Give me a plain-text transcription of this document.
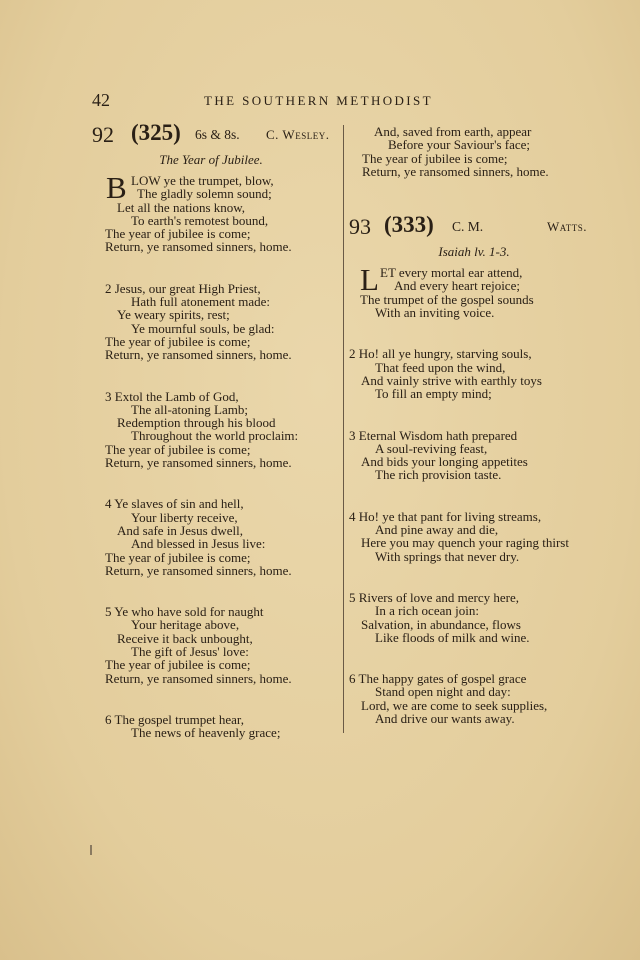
42	THE SOUTHERN METHODIST
92 (325) 6s & 8s. C. Wesley.
The Year of Jubilee.
B LOW ye the trumpet, blow,
The gladly solemn sound;
Let all the nations know,
To earth's remotest bound,
The year of jubilee is come;
Return, ye ransomed sinners, home.
2 Jesus, our great High Priest,
Hath full atonement made:
Ye weary spirits, rest;
Ye mournful souls, be glad:
The year of jubilee is come;
Return, ye ransomed sinners, home.
3 Extol the Lamb of God,
The all-atoning Lamb;
Redemption through his blood
Throughout the world proclaim:
The year of jubilee is come;
Return, ye ransomed sinners, home.
4 Ye slaves of sin and hell,
Your liberty receive,
And safe in Jesus dwell,
And blessed in Jesus live:
The year of jubilee is come;
Return, ye ransomed sinners, home.
5 Ye who have sold for naught
Your heritage above,
Receive it back unbought,
The gift of Jesus' love:
The year of jubilee is come;
Return, ye ransomed sinners, home.
6 The gospel trumpet hear,
The news of heavenly grace;
And, saved from earth, appear
Before your Saviour's face;
The year of jubilee is come;
Return, ye ransomed sinners, home.
93 (333) C. M.	Watts.
Isaiah lv. 1-3.
L ET every mortal ear attend,
And every heart rejoice;
The trumpet of the gospel sounds
With an inviting voice.
2 Ho! all ye hungry, starving souls,
That feed upon the wind,
And vainly strive with earthly toys
To fill an empty mind;
3 Eternal Wisdom hath prepared
A soul-reviving feast,
And bids your longing appetites
The rich provision taste.
4 Ho! ye that pant for living streams,
And pine away and die,
Here you may quench your raging thirst
With springs that never dry.
5 Rivers of love and mercy here,
In a rich ocean join:
Salvation, in abundance, flows
Like floods of milk and wine.
6 The happy gates of gospel grace
Stand open night and day:
Lord, we are come to seek supplies,
And drive our wants away.
